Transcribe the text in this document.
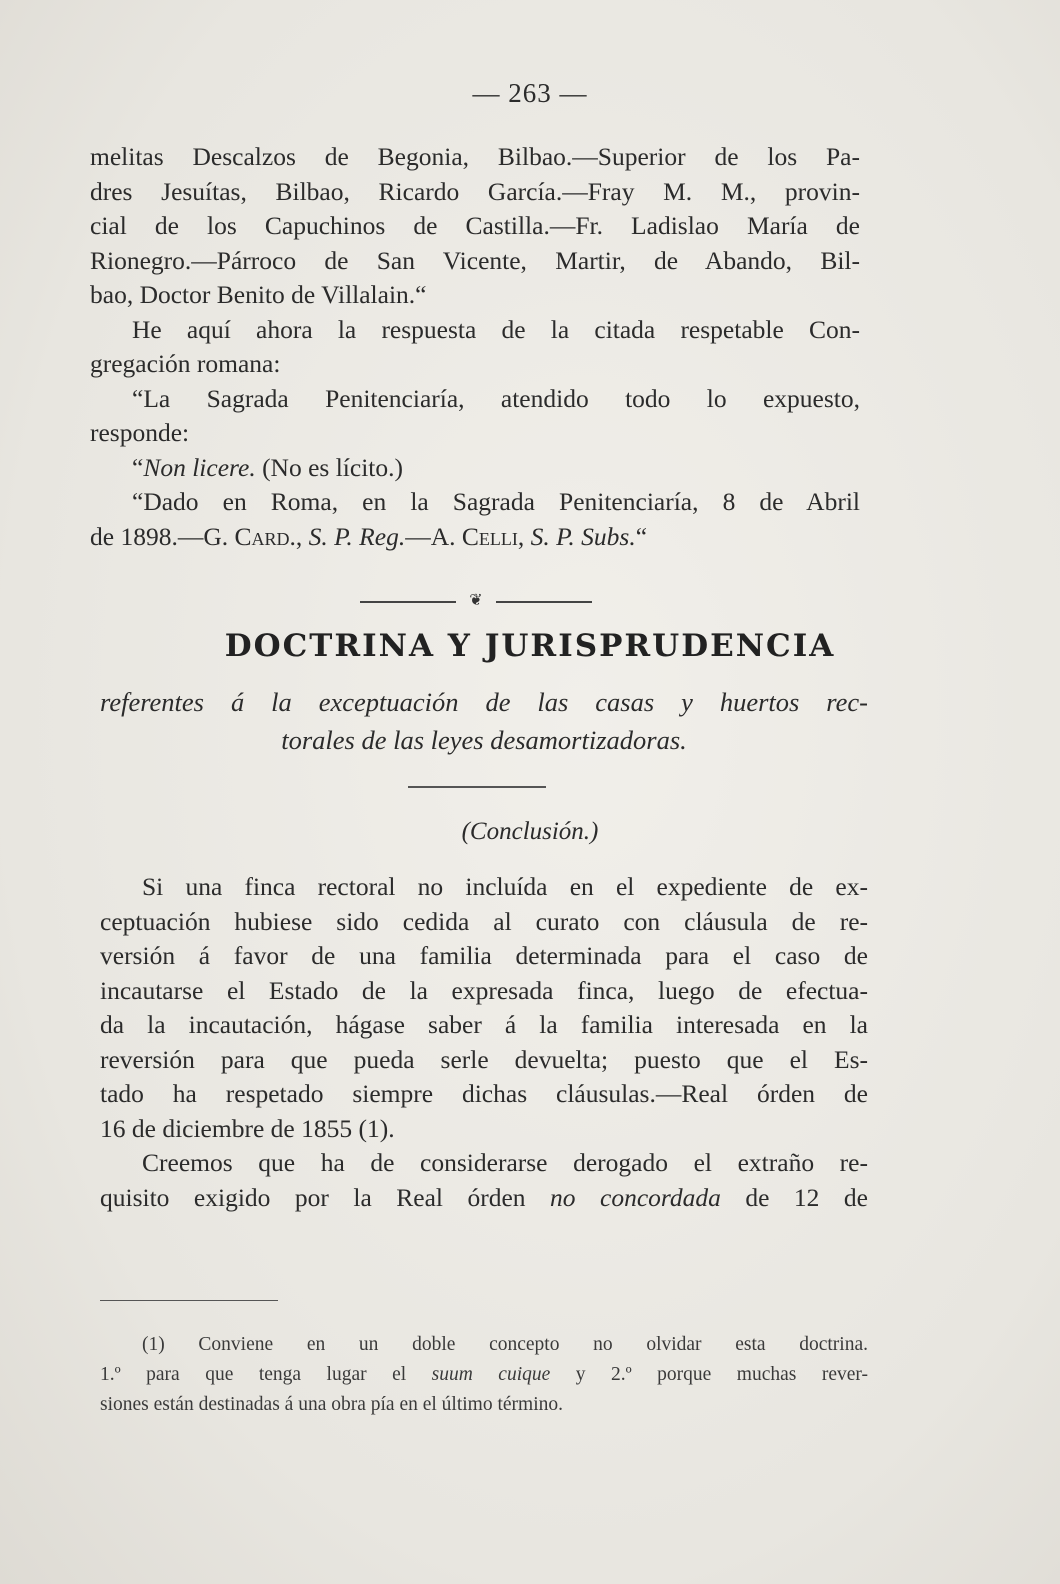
— 263 —
melitas Descalzos de Begonia, Bilbao.—Superior de los Pa-
dres Jesuítas, Bilbao, Ricardo García.—Fray M. M., provin-
cial de los Capuchinos de Castilla.—Fr. Ladislao María de
Rionegro.—Párroco de San Vicente, Martir, de Abando, Bil-
bao, Doctor Benito de Villalain.“
He aquí ahora la respuesta de la citada respetable Con-
gregación romana:
“La Sagrada Penitenciaría, atendido todo lo expuesto,
responde:
“Non licere. (No es lícito.)
“Dado en Roma, en la Sagrada Penitenciaría, 8 de Abril
de 1898.—G. Card., S. P. Reg.—A. Celli, S. P. Subs.“
❦
DOCTRINA Y JURISPRUDENCIA
referentes á la exceptuación de las casas y huertos rec-
torales de las leyes desamortizadoras.
(Conclusión.)
Si una finca rectoral no incluída en el expediente de ex-
ceptuación hubiese sido cedida al curato con cláusula de re-
versión á favor de una familia determinada para el caso de
incautarse el Estado de la expresada finca, luego de efectua-
da la incautación, hágase saber á la familia interesada en la
reversión para que pueda serle devuelta; puesto que el Es-
tado ha respetado siempre dichas cláusulas.—Real órden de
16 de diciembre de 1855 (1).
Creemos que ha de considerarse derogado el extraño re-
quisito exigido por la Real órden no concordada de 12 de
(1) Conviene en un doble concepto no olvidar esta doctrina.
1.º para que tenga lugar el suum cuique y 2.º porque muchas rever-
siones están destinadas á una obra pía en el último término.
